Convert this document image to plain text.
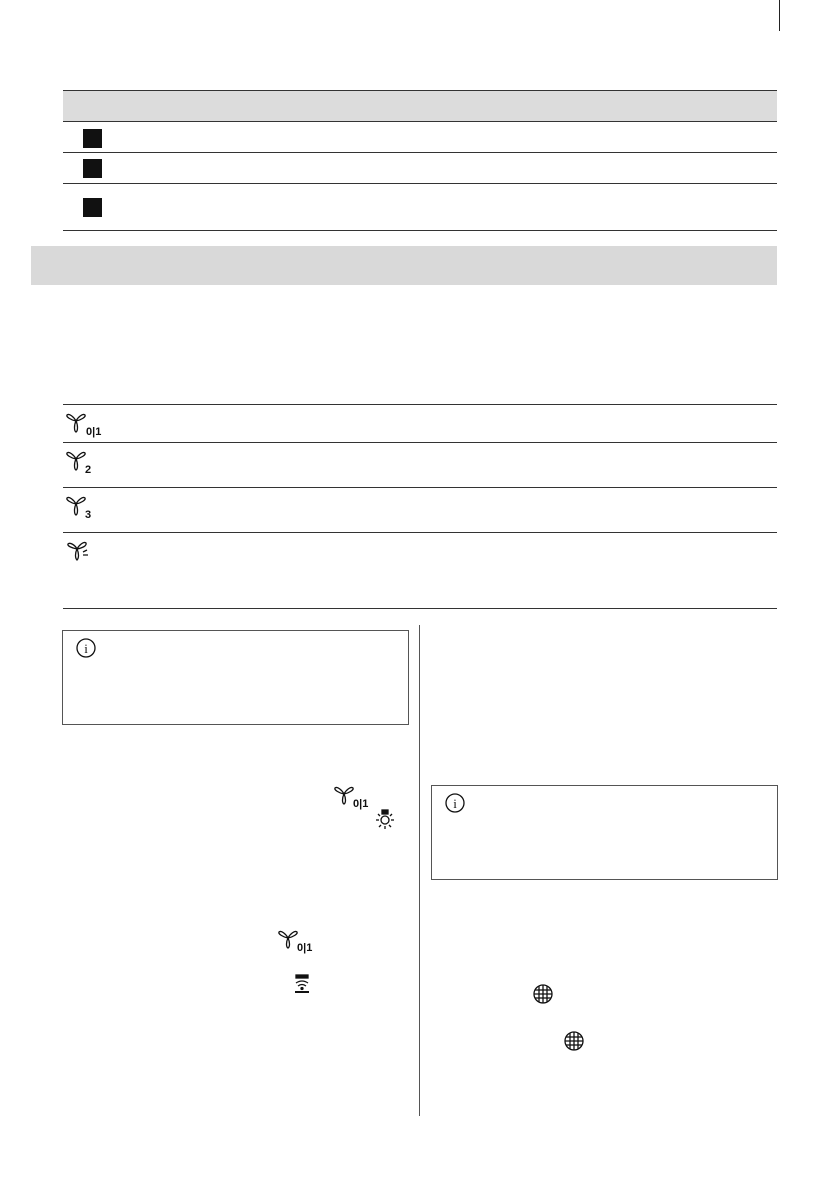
0|1
2
3
i
i
0|1
0|1
